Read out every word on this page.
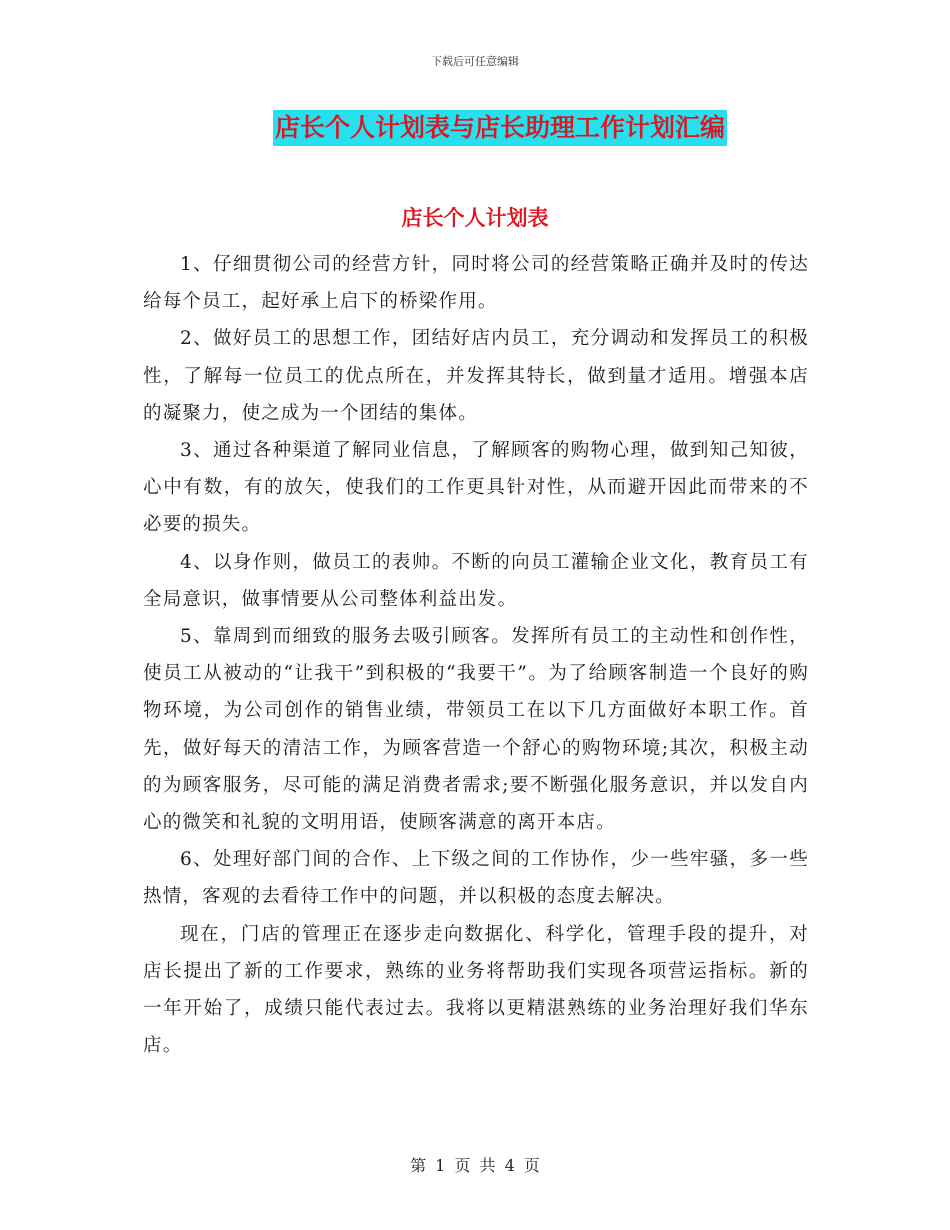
下载后可任意编辑
店长个人计划表与店长助理工作计划汇编
店长个人计划表

1、仔细贯彻公司的经营方针，同时将公司的经营策略正确并及时的传达给每个员工，起好承上启下的桥梁作用。

2、做好员工的思想工作，团结好店内员工，充分调动和发挥员工的积极性，了解每一位员工的优点所在，并发挥其特长，做到量才适用。增强本店的凝聚力，使之成为一个团结的集体。

3、通过各种渠道了解同业信息，了解顾客的购物心理，做到知己知彼，心中有数，有的放矢，使我们的工作更具针对性，从而避开因此而带来的不必要的损失。

4、以身作则，做员工的表帅。不断的向员工灌输企业文化，教育员工有全局意识，做事情要从公司整体利益出发。

5、靠周到而细致的服务去吸引顾客。发挥所有员工的主动性和创作性，使员工从被动的“让我干”到积极的“我要干”。为了给顾客制造一个良好的购物环境，为公司创作的销售业绩，带领员工在以下几方面做好本职工作。首先，做好每天的清洁工作，为顾客营造一个舒心的购物环境;其次，积极主动的为顾客服务，尽可能的满足消费者需求;要不断强化服务意识，并以发自内心的微笑和礼貌的文明用语，使顾客满意的离开本店。

6、处理好部门间的合作、上下级之间的工作协作，少一些牢骚，多一些热情，客观的去看待工作中的问题，并以积极的态度去解决。

现在，门店的管理正在逐步走向数据化、科学化，管理手段的提升，对店长提出了新的工作要求，熟练的业务将帮助我们实现各项营运指标。新的一年开始了，成绩只能代表过去。我将以更精湛熟练的业务治理好我们华东店。

第 1 页 共 4 页
